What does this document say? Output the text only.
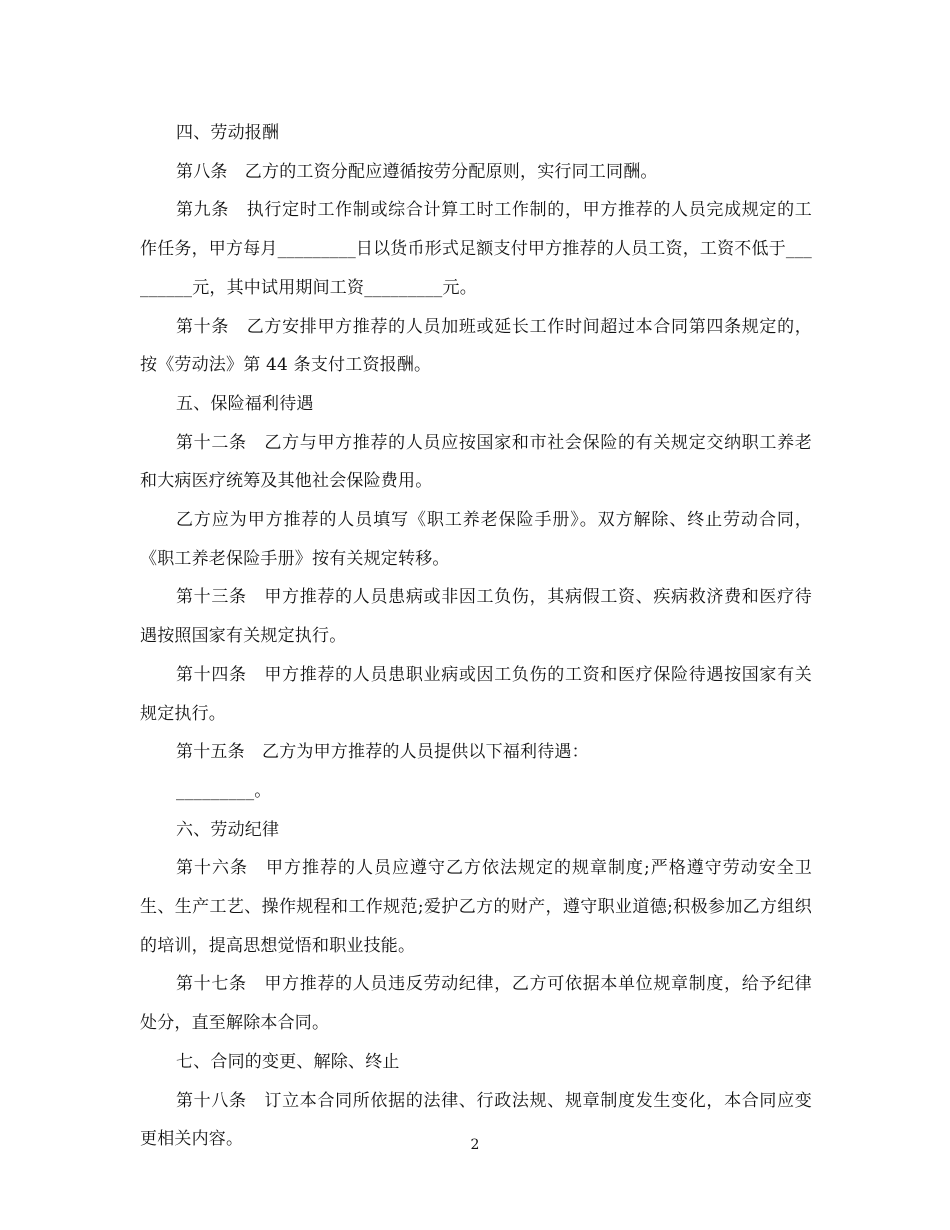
四、劳动报酬

第八条　乙方的工资分配应遵循按劳分配原则，实行同工同酬。

第九条　执行定时工作制或综合计算工时工作制的，甲方推荐的人员完成规定的工作任务，甲方每月_________日以货币形式足额支付甲方推荐的人员工资，工资不低于_________元，其中试用期间工资_________元。

第十条　乙方安排甲方推荐的人员加班或延长工作时间超过本合同第四条规定的，按《劳动法》第 44 条支付工资报酬。

五、保险福利待遇

第十二条　乙方与甲方推荐的人员应按国家和市社会保险的有关规定交纳职工养老和大病医疗统筹及其他社会保险费用。

乙方应为甲方推荐的人员填写《职工养老保险手册》。双方解除、终止劳动合同，《职工养老保险手册》按有关规定转移。

第十三条　甲方推荐的人员患病或非因工负伤，其病假工资、疾病救济费和医疗待遇按照国家有关规定执行。

第十四条　甲方推荐的人员患职业病或因工负伤的工资和医疗保险待遇按国家有关规定执行。

第十五条　乙方为甲方推荐的人员提供以下福利待遇：

_________。

六、劳动纪律

第十六条　甲方推荐的人员应遵守乙方依法规定的规章制度;严格遵守劳动安全卫生、生产工艺、操作规程和工作规范;爱护乙方的财产，遵守职业道德;积极参加乙方组织的培训，提高思想觉悟和职业技能。

第十七条　甲方推荐的人员违反劳动纪律，乙方可依据本单位规章制度，给予纪律处分，直至解除本合同。

七、合同的变更、解除、终止

第十八条　订立本合同所依据的法律、行政法规、规章制度发生变化，本合同应变更相关内容。	2
